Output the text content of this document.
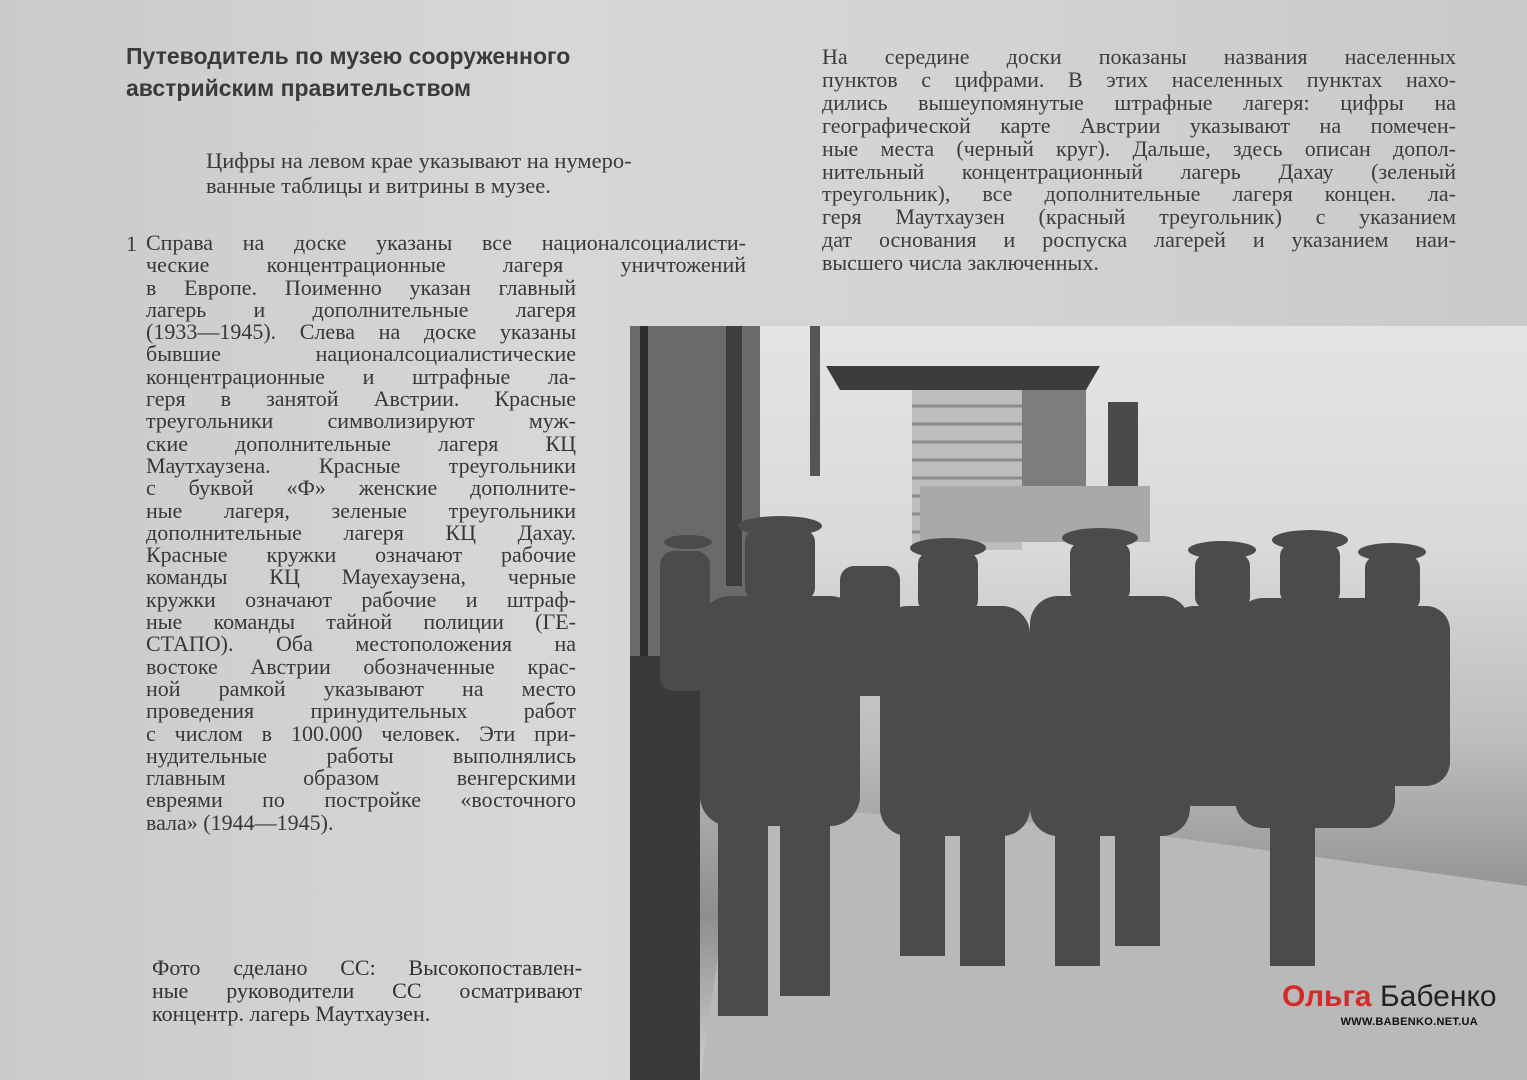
Путеводитель по музею сооруженного
австрийским правительством
Цифры на левом крае указывают на нумеро-
ванные таблицы и витрины в музее.
1 Справа на доске указаны все националсоциалисти-
ческие концентрационные лагеря уничтожений
в Европе. Поименно указан главный
лагерь и дополнительные лагеря
(1933—1945). Слева на доске указаны
бывшие националсоциалистические
концентрационные и штрафные ла-
геря в занятой Австрии. Красные
треугольники символизируют муж-
ские дополнительные лагеря КЦ
Маутхаузена. Красные треугольники
с буквой «Ф» женские дополните-
ные лагеря, зеленые треугольники
дополнительные лагеря КЦ Дахау.
Красные кружки означают рабочие
команды КЦ Мауехаузена, черные
кружки означают рабочие и штраф-
ные команды тайной полиции (ГЕ-
СТАПО). Оба местоположения на
востоке Австрии обозначенные крас-
ной рамкой указывают на место
проведения принудительных работ
с числом в 100.000 человек. Эти при-
нудительные работы выполнялись
главным образом венгерскими
евреями по постройке «восточного
вала» (1944—1945).
На середине доски показаны названия населенных
пунктов с цифрами. В этих населенных пунктах нахо-
дились вышеупомянутые штрафные лагеря: цифры на
географической карте Австрии указывают на помечен-
ные места (черный круг). Дальше, здесь описан допол-
нительный концентрационный лагерь Дахау (зеленый
треугольник), все дополнительные лагеря концен. ла-
геря Маутхаузен (красный треугольник) с указанием
дат основания и роспуска лагерей и указанием наи-
высшего числа заключенных.
Фото сделано СС: Высокопоставлен-
ные руководители СС осматривают
концентр. лагерь Маутхаузен.
Ольга Бабенко
WWW.BABENKO.NET.UA
